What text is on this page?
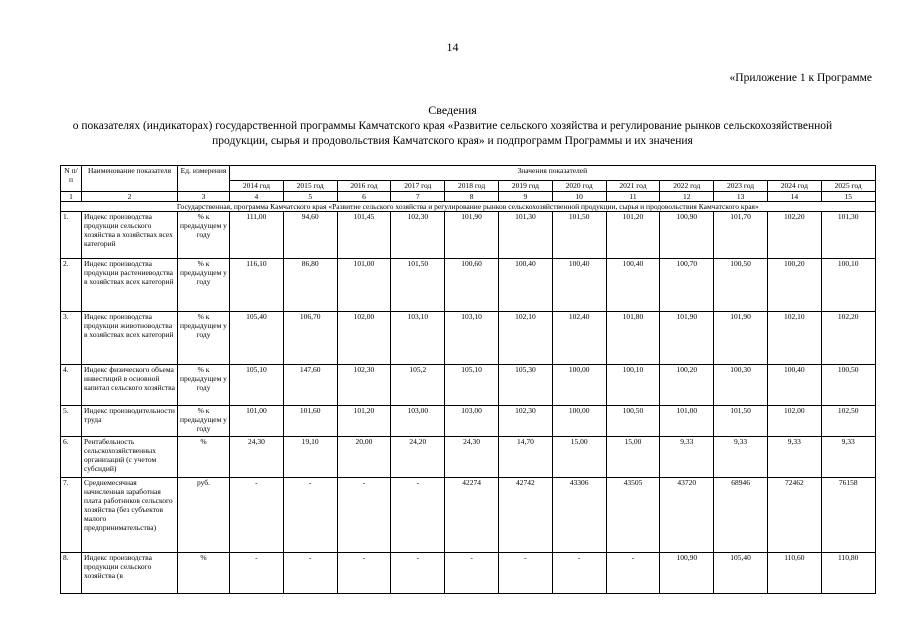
14
«Приложение 1 к Программе
Сведения
о показателях (индикаторах) государственной программы Камчатского края «Развитие сельского хозяйства и регулирование рынков сельскохозяйственной продукции, сырья и продовольствия Камчатского края» и подпрограмм Программы и их значения
N п/п	Наименование показателя	Ед. измерения	Значения показателей											
			2014 год	2015 год	2016 год	2017 год	2018 год	2019 год	2020 год	2021 год	2022 год	2023 год	2024 год	2025 год
1	2	3	4	5	6	7	8	9	10	11	12	13	14	15
Государственная, программа Камчатского края «Развитие сельского хозяйства и регулирование рынков сельскохозяйственной продукции, сырья и продовольствия Камчатского края»														
1.	Индекс производства продукции сельского хозяйства в хозяйствах всех категорий	% к предыдущем у году	111,00	94,60	101,45	102,30	101,90	101,30	101,50	101,20	100,90	101,70	102,20	101,30
2.	Индекс производства продукции растениеводства в хозяйствах всех категорий	% к предыдущем у году	116,10	86,80	101,00	101,50	100,60	100,40	100,40	100,40	100,70	100,50	100,20	100,10
3.	Индекс производства продукции животноводства в хозяйствах всех категорий	% к предыдущем у году	105,40	106,70	102,00	103,10	103,10	102,10	102,40	101,80	101,90	101,90	102,10	102,20
4.	Индекс физического объема инвестиций в основной капитал сельского хозяйства	% к предыдущем у году	105,10	147,60	102,30	105,2	105,10	105,30	100,00	100,10	100,20	100,30	100,40	100,50
5.	Индекс производительности труда	% к предыдущем у году	101,00	101,60	101,20	103,00	103,00	102,30	100,00	100,50	101,00	101,50	102,00	102,50
6.	Рентабельность сельскохозяйственных организаций (с учетом субсидий)	%	24,30	19,10	20,00	24,20	24,30	14,70	15,00	15,00	9,33	9,33	9,33	9,33
7.	Среднемесячная начисленная заработная плата работников сельского хозяйства (без субъектов малого предпринимательства)	руб.	-	-	-	-	42274	42742	43306	43505	43720	68946	72462	76158
8.	Индекс производства продукции сельского хозяйства (в	%	-	-	-	-	-	-	-	-	100,90	105,40	110,60	110,80
